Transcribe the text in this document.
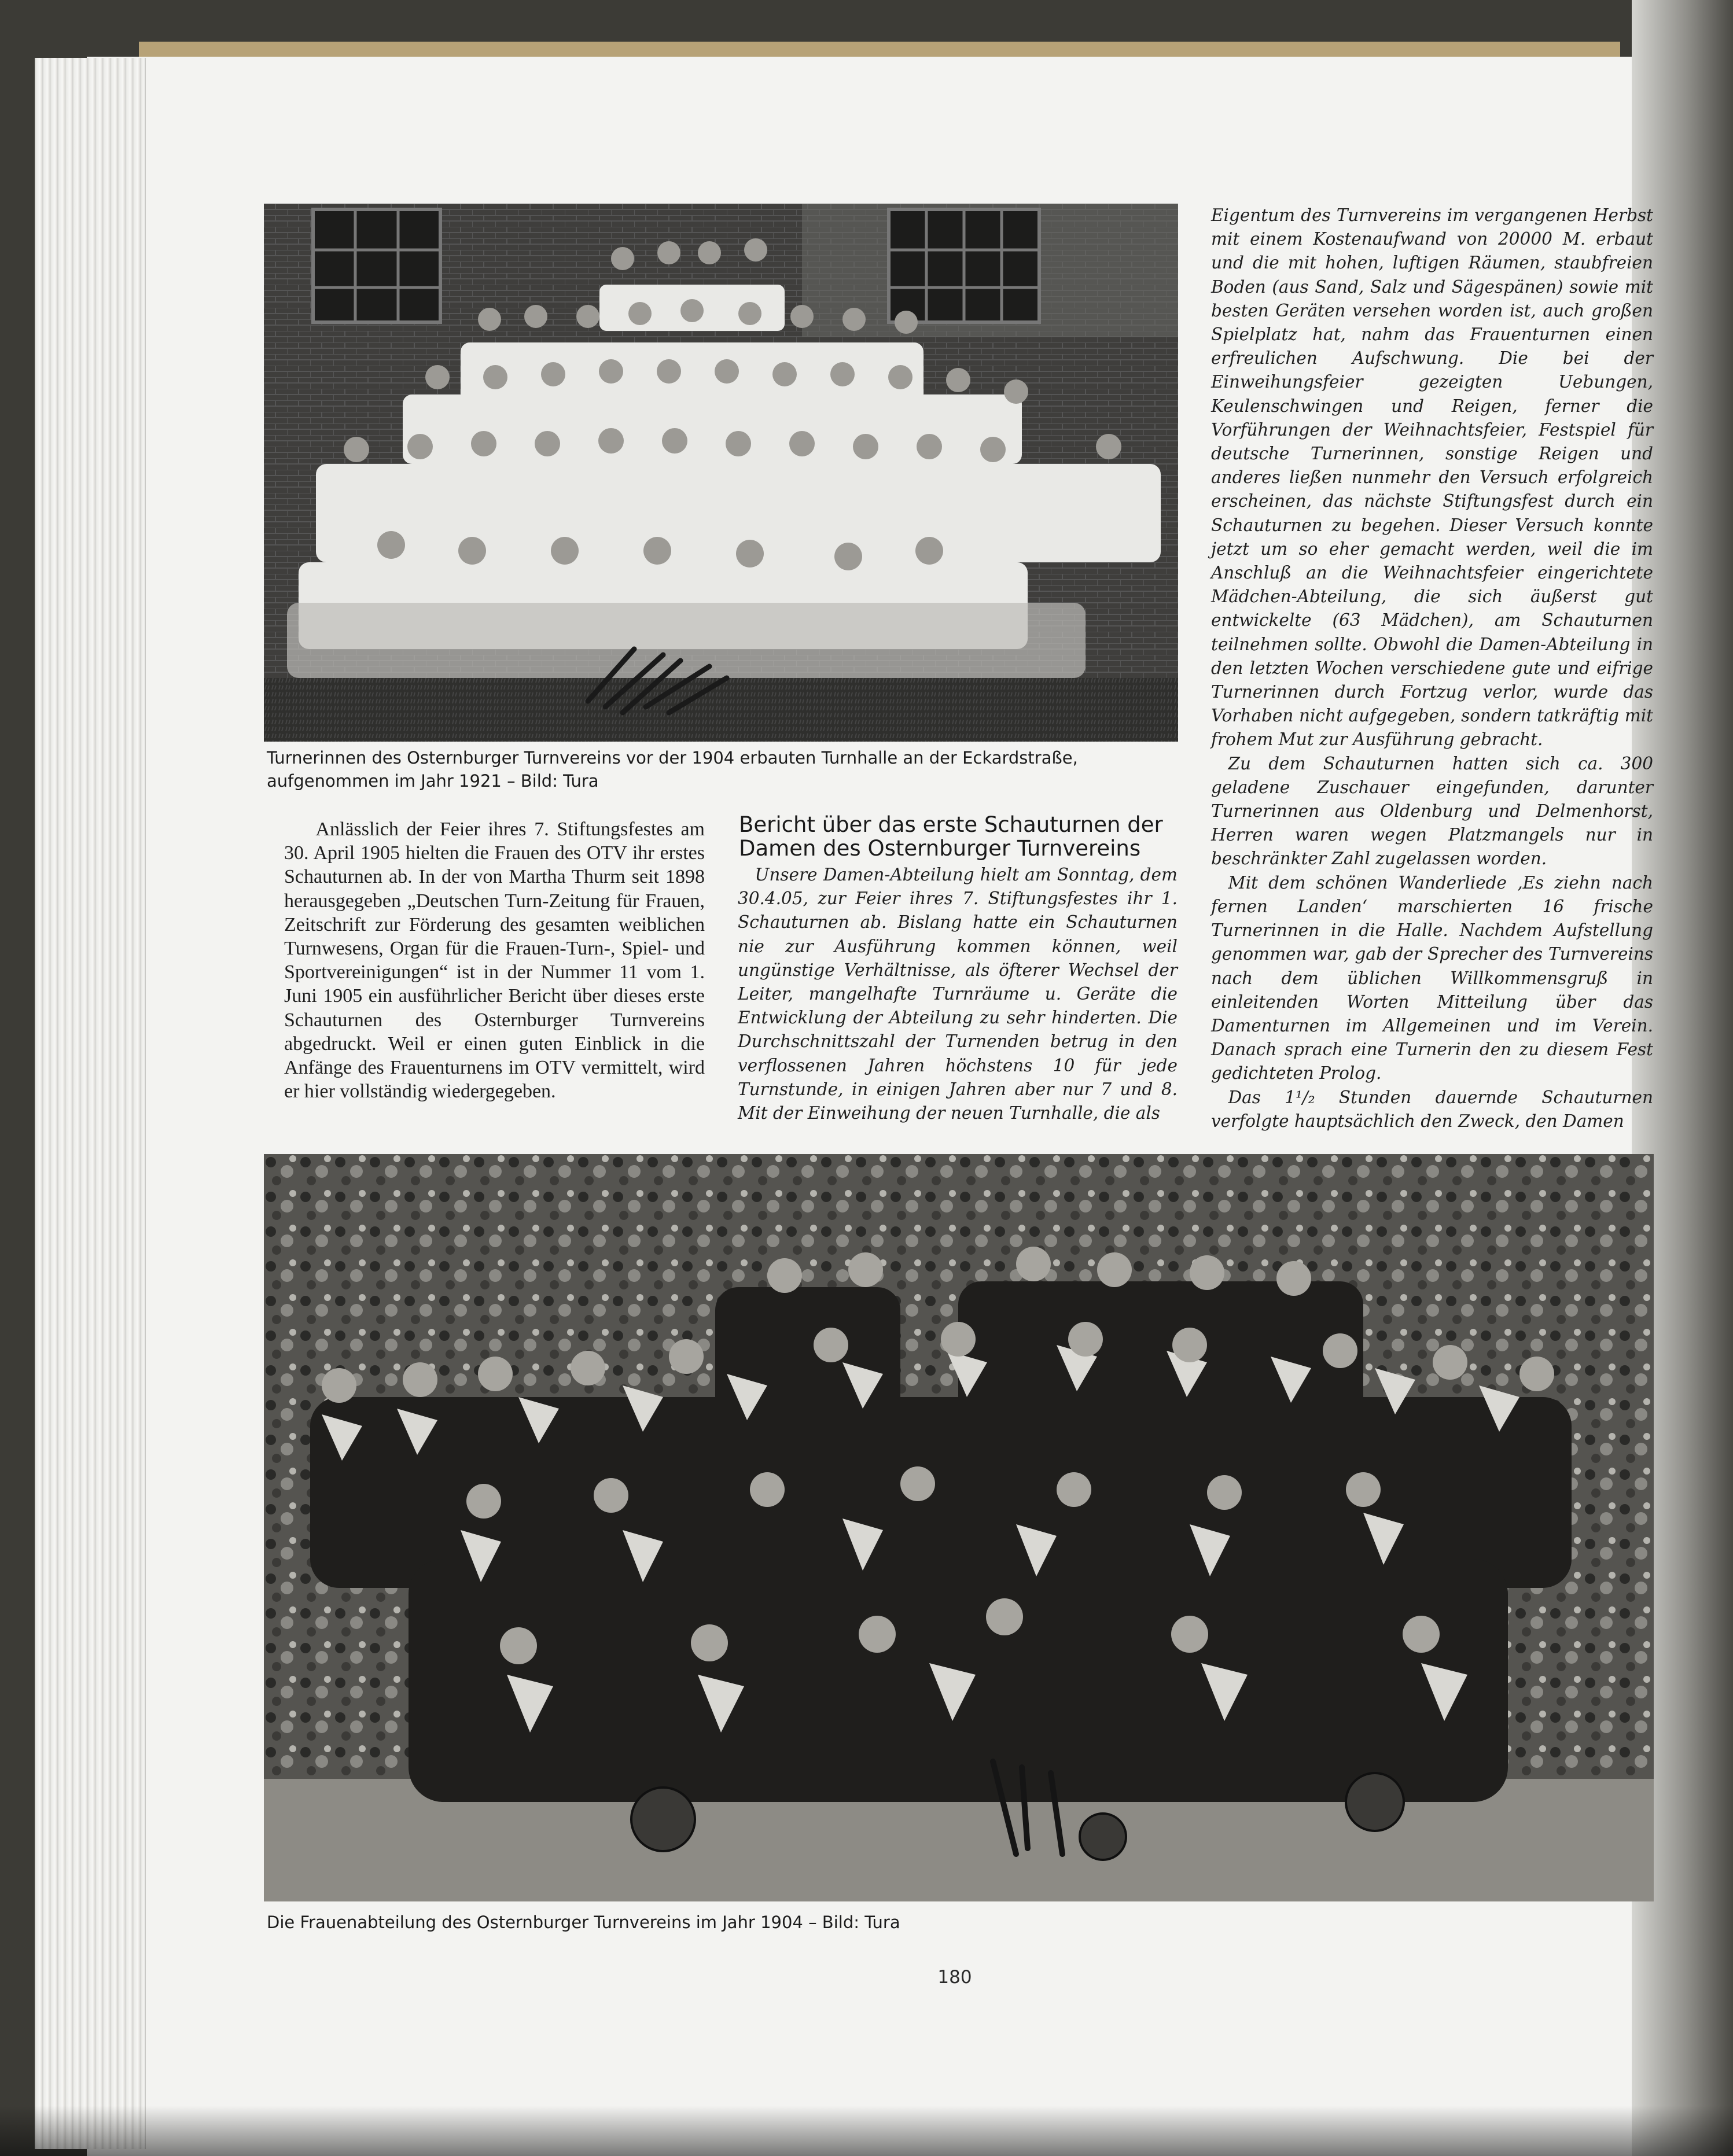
Turnerinnen des Osternburger Turnvereins vor der 1904 erbauten Turnhalle an der Eckardstraße, aufgenommen im Jahr 1921 – Bild: Tura

Anlässlich der Feier ihres 7. Stiftungsfestes am 30. April 1905 hielten die Frauen des OTV ihr erstes Schauturnen ab. In der von Martha Thurm seit 1898 herausgegeben „Deutschen Turn-Zeitung für Frauen, Zeitschrift zur Förderung des gesamten weiblichen Turnwesens, Organ für die Frauen-Turn-, Spiel- und Sportvereinigungen“ ist in der Nummer 11 vom 1. Juni 1905 ein ausführlicher Bericht über dieses erste Schauturnen des Osternburger Turnvereins abgedruckt. Weil er einen guten Einblick in die Anfänge des Frauenturnens im OTV vermittelt, wird er hier vollständig wiedergegeben.

Bericht über das erste Schauturnen der Damen des Osternburger Turnvereins

Unsere Damen-Abteilung hielt am Sonntag, dem 30.4.05, zur Feier ihres 7. Stiftungsfestes ihr 1. Schauturnen ab. Bislang hatte ein Schauturnen nie zur Ausführung kommen können, weil ungünstige Verhältnisse, als öfterer Wechsel der Leiter, mangelhafte Turnräume u. Geräte die Entwicklung der Abteilung zu sehr hinderten. Die Durchschnittszahl der Turnenden betrug in den verflossenen Jahren höchstens 10 für jede Turnstunde, in einigen Jahren aber nur 7 und 8. Mit der Einweihung der neuen Turnhalle, die als

Eigentum des Turnvereins im vergangenen Herbst mit einem Kostenaufwand von 20000 M. erbaut und die mit hohen, luftigen Räumen, staubfreien Boden (aus Sand, Salz und Sägespänen) sowie mit besten Geräten versehen worden ist, auch großen Spielplatz hat, nahm das Frauenturnen einen erfreulichen Aufschwung. Die bei der Einweihungsfeier gezeigten Uebungen, Keulenschwingen und Reigen, ferner die Vorführungen der Weihnachtsfeier, Festspiel für deutsche Turnerinnen, sonstige Reigen und anderes ließen nunmehr den Versuch erfolgreich erscheinen, das nächste Stiftungsfest durch ein Schauturnen zu begehen. Dieser Versuch konnte jetzt um so eher gemacht werden, weil die im Anschluß an die Weihnachtsfeier eingerichtete Mädchen-Abteilung, die sich äußerst gut entwickelte (63 Mädchen), am Schauturnen teilnehmen sollte. Obwohl die Damen-Abteilung in den letzten Wochen verschiedene gute und eifrige Turnerinnen durch Fortzug verlor, wurde das Vorhaben nicht aufgegeben, sondern tatkräftig mit frohem Mut zur Ausführung gebracht.

Zu dem Schauturnen hatten sich ca. 300 geladene Zuschauer eingefunden, darunter Turnerinnen aus Oldenburg und Delmenhorst, Herren waren wegen Platzmangels nur in beschränkter Zahl zugelassen worden.

Mit dem schönen Wanderliede ‚Es ziehn nach fernen Landen‘ marschierten 16 frische Turnerinnen in die Halle. Nachdem Aufstellung genommen war, gab der Sprecher des Turnvereins nach dem üblichen Willkommensgruß in einleitenden Worten Mitteilung über das Damenturnen im Allgemeinen und im Verein. Danach sprach eine Turnerin den zu diesem Fest gedichteten Prolog.

Das 1¹/₂ Stunden dauernde Schauturnen verfolgte hauptsächlich den Zweck, den Damen

Die Frauenabteilung des Osternburger Turnvereins im Jahr 1904 – Bild: Tura

180
